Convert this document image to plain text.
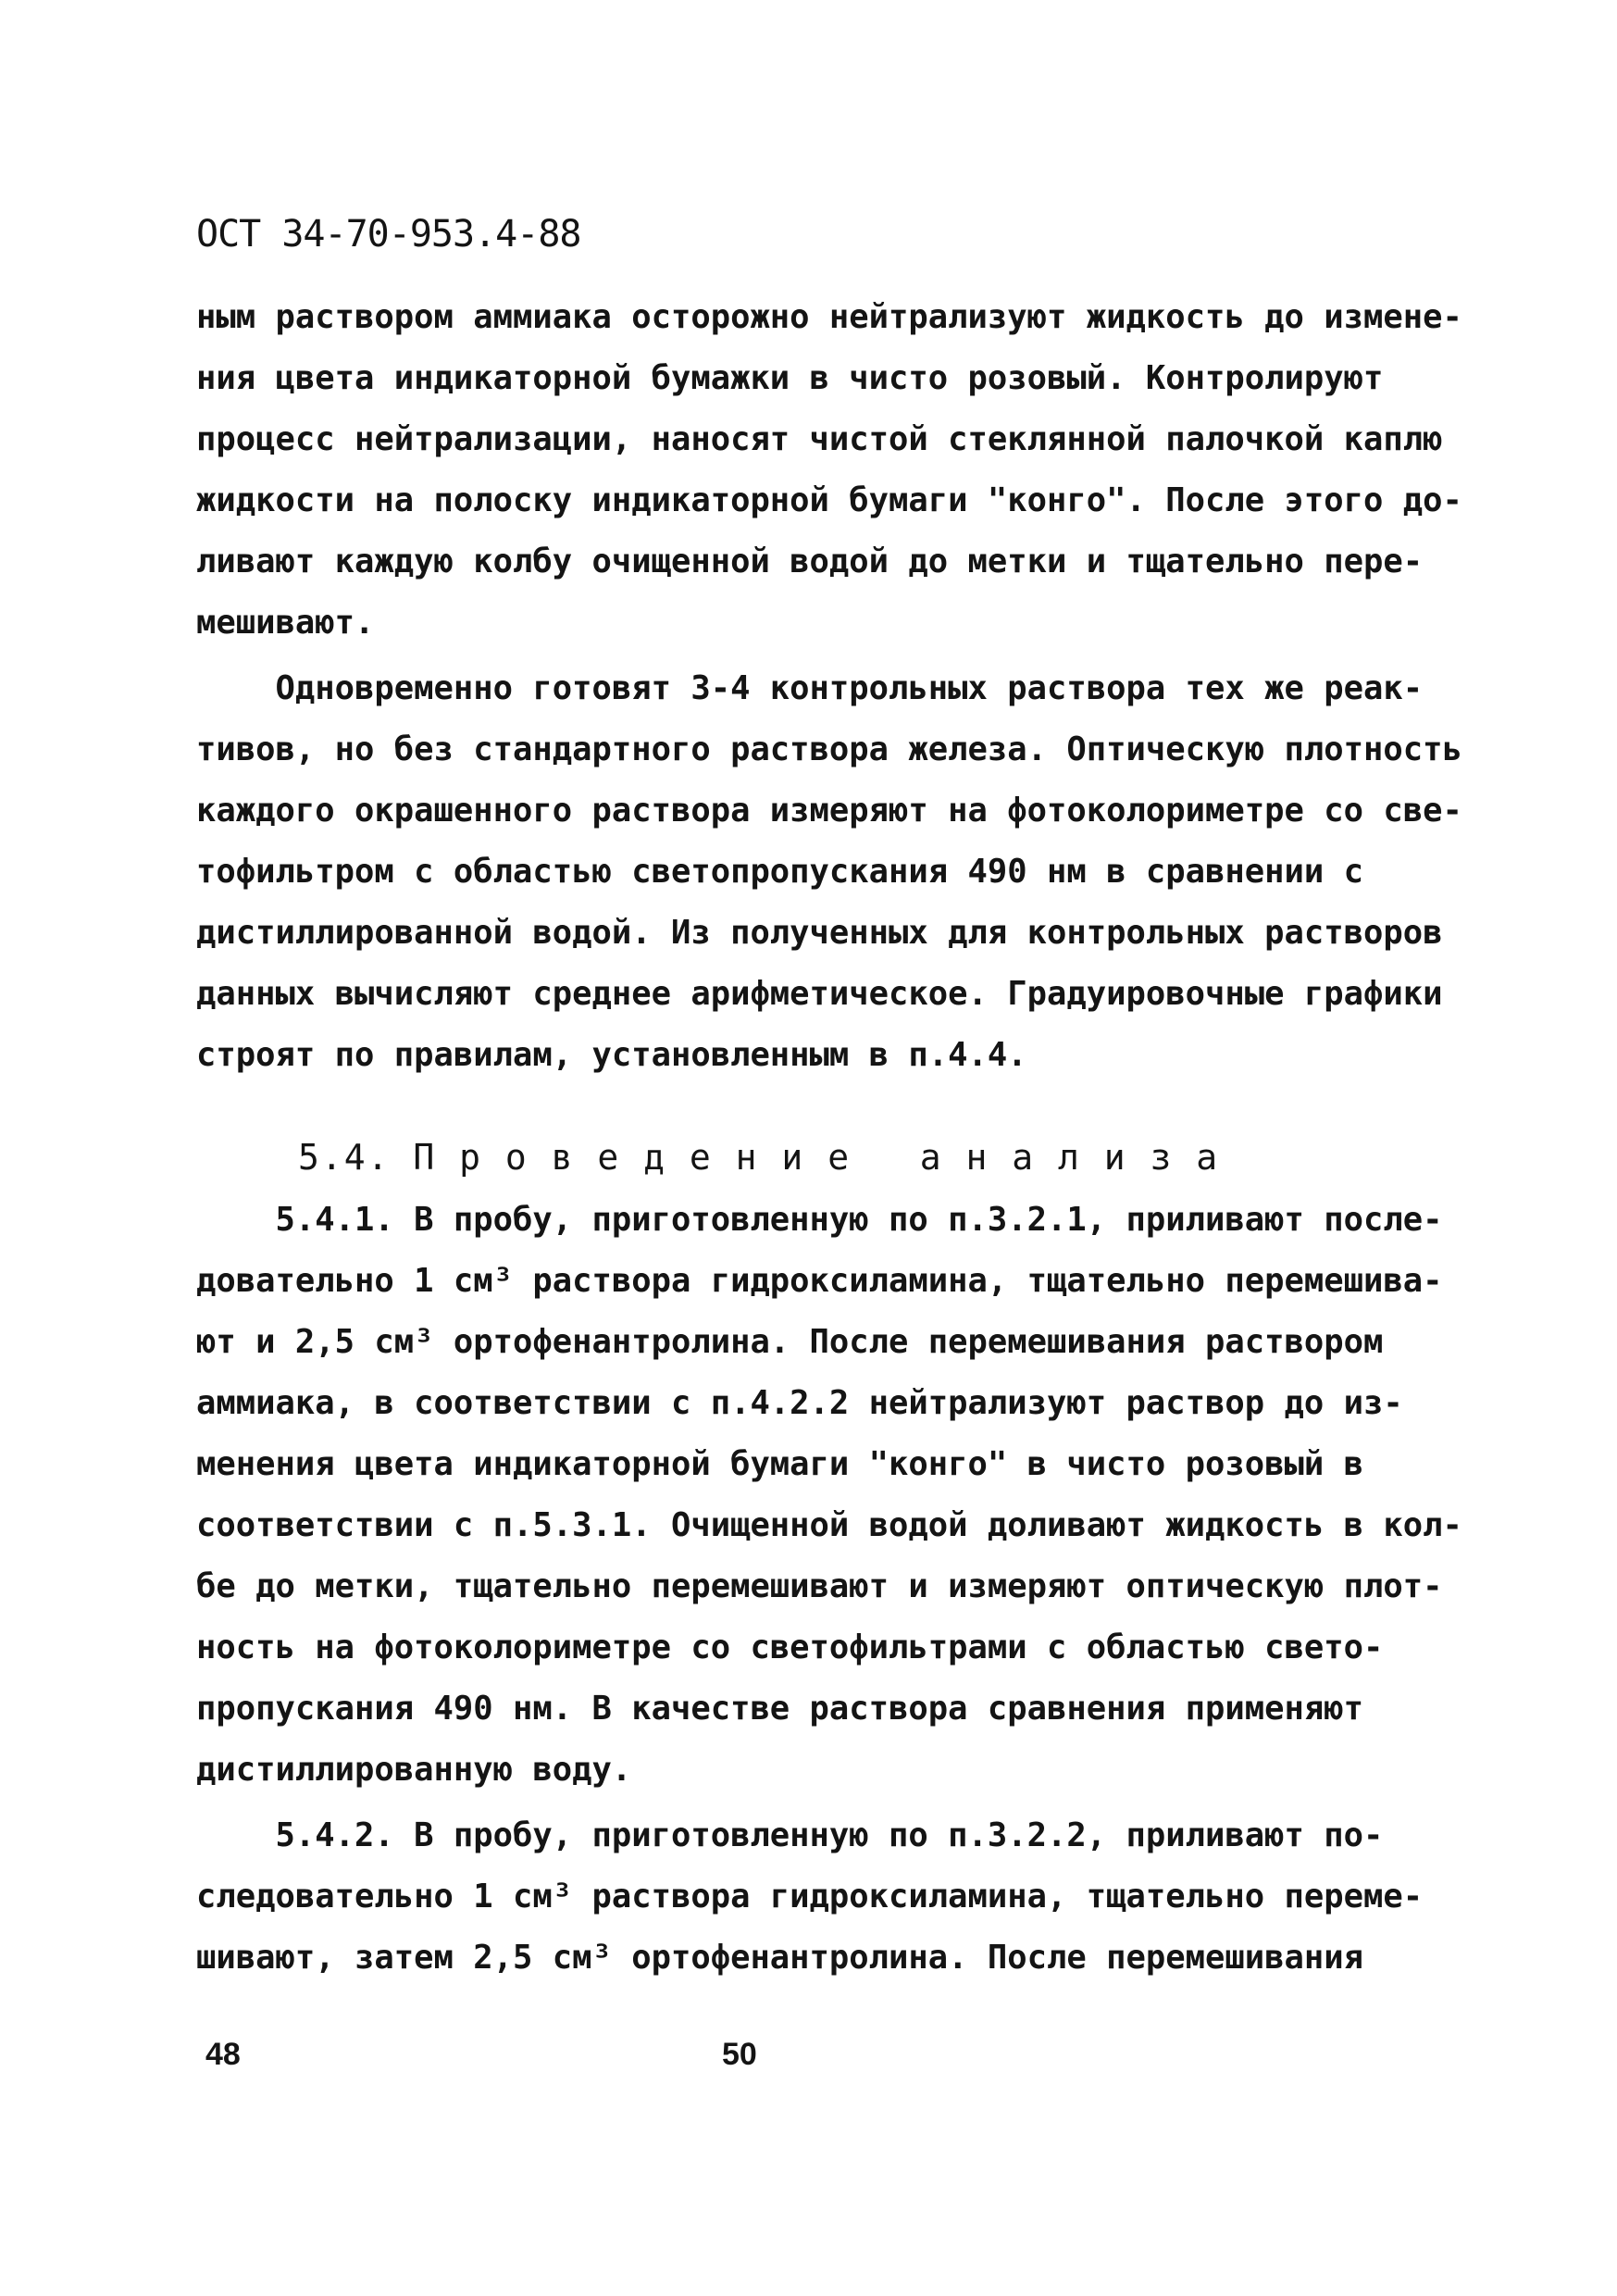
ОСТ 34-70-953.4-88
ным раствором аммиака осторожно нейтрализуют жидкость до измене-
ния цвета индикаторной бумажки в чисто розовый. Контролируют
процесс нейтрализации, наносят чистой стеклянной палочкой каплю
жидкости на полоску индикаторной бумаги "конго". После этого до-
ливают каждую колбу очищенной водой до метки и тщательно пере-
мешивают.
Одновременно готовят 3-4 контрольных раствора тех же реак-
тивов, но без стандартного раствора железа. Оптическую плотность
каждого окрашенного раствора измеряют на фотоколориметре со све-
тофильтром с областью светопропускания 490 нм в сравнении с
дистиллированной водой. Из полученных для контрольных растворов
данных вычисляют среднее арифметическое. Градуировочные графики
строят по правилам, установленным в п.4.4.
5.4. П р о в е д е н и е   а н а л и з а
5.4.1. В пробу, приготовленную по п.3.2.1, приливают после-
довательно 1 см³ раствора гидроксиламина, тщательно перемешива-
ют и 2,5 см³ ортофенантролина. После перемешивания раствором
аммиака, в соответствии с п.4.2.2 нейтрализуют раствор до из-
менения цвета индикаторной бумаги "конго" в чисто розовый в
соответствии с п.5.3.1. Очищенной водой доливают жидкость в кол-
бе до метки, тщательно перемешивают и измеряют оптическую плот-
ность на фотоколориметре со светофильтрами с областью свето-
пропускания 490 нм. В качестве раствора сравнения применяют
дистиллированную воду.
5.4.2. В пробу, приготовленную по п.3.2.2, приливают по-
следовательно 1 см³ раствора гидроксиламина, тщательно переме-
шивают, затем 2,5 см³ ортофенантролина. После перемешивания
48	50
